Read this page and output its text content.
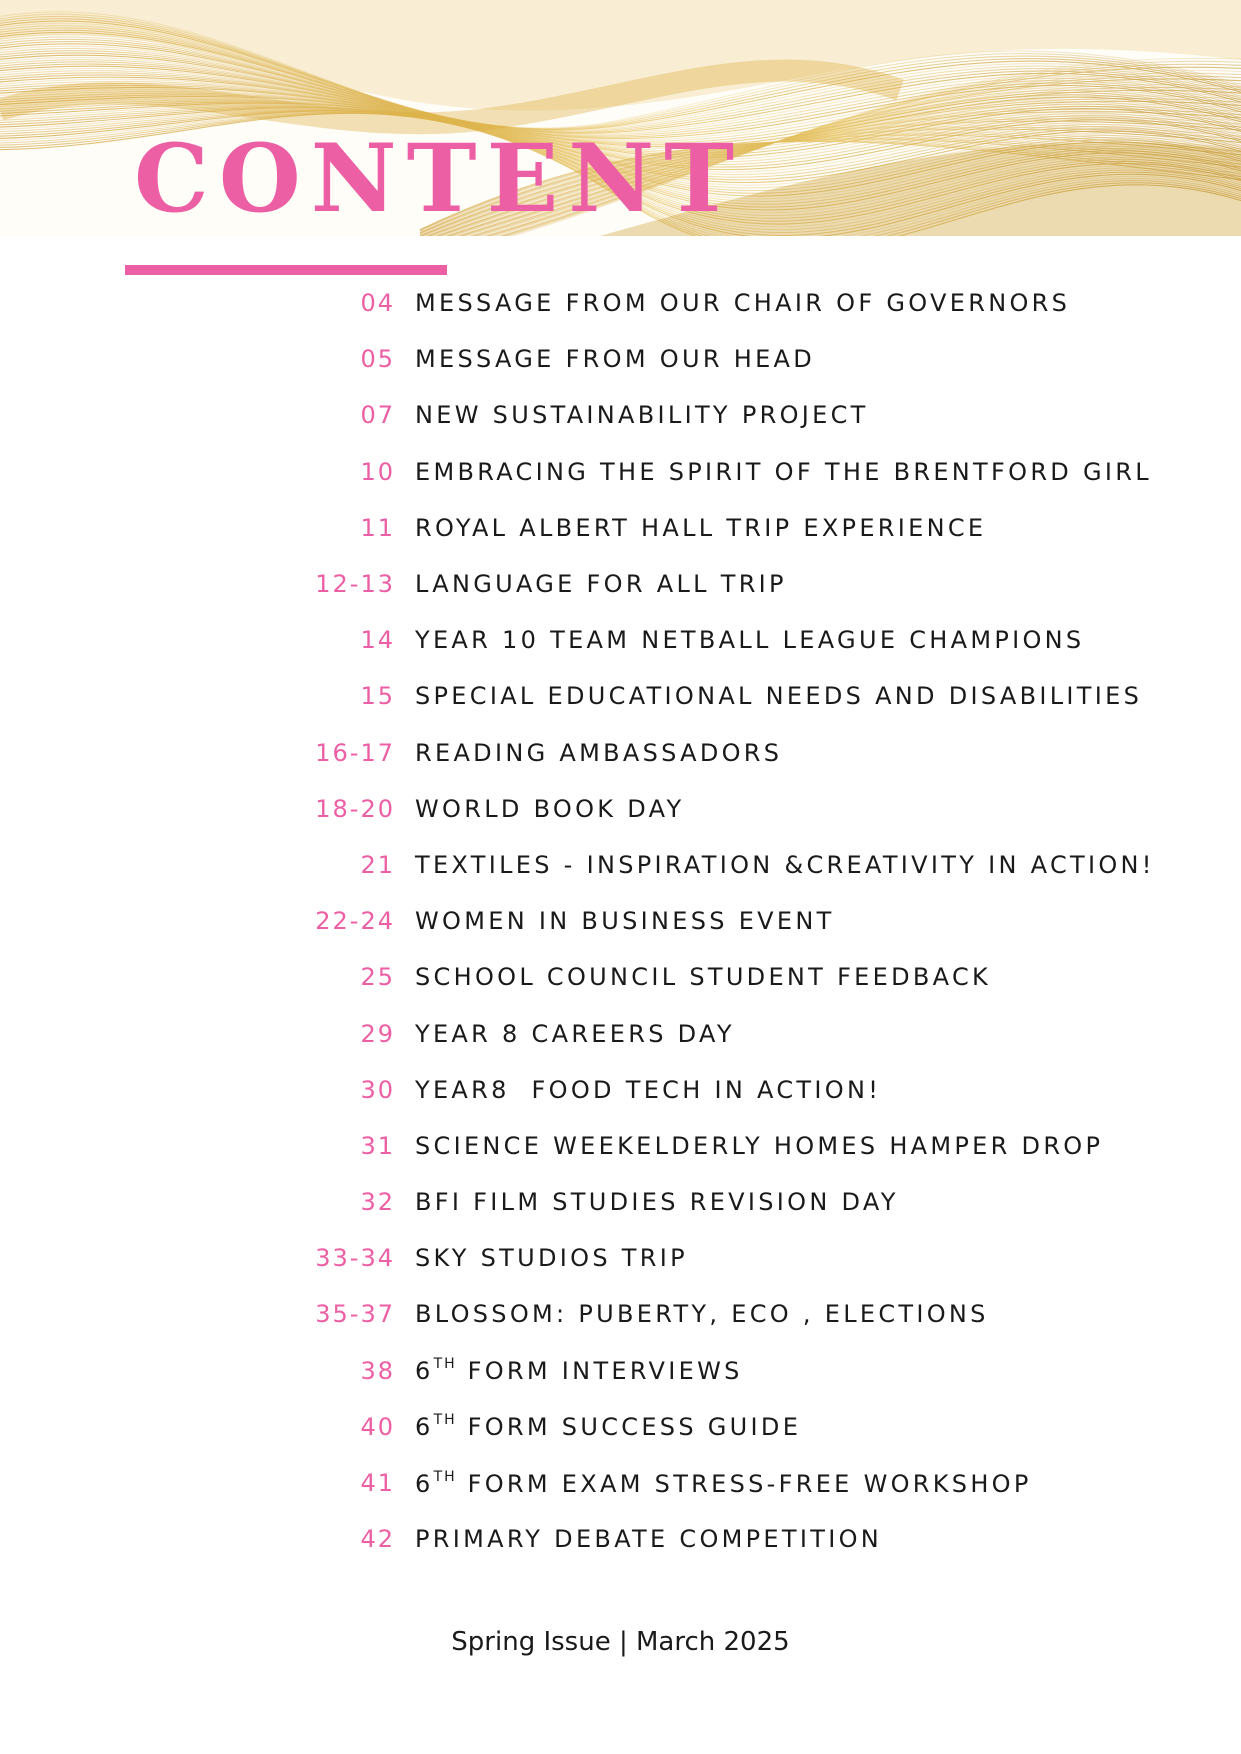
CONTENT
04 MESSAGE FROM OUR CHAIR OF GOVERNORS
05 MESSAGE FROM OUR HEAD
07 NEW SUSTAINABILITY PROJECT
10 EMBRACING THE SPIRIT OF THE BRENTFORD GIRL
11 ROYAL ALBERT HALL TRIP EXPERIENCE
12-13 LANGUAGE FOR ALL TRIP
14 YEAR 10 TEAM NETBALL LEAGUE CHAMPIONS
15 SPECIAL EDUCATIONAL NEEDS AND DISABILITIES
16-17 READING AMBASSADORS
18-20 WORLD BOOK DAY
21 TEXTILES - INSPIRATION &CREATIVITY IN ACTION!
22-24 WOMEN IN BUSINESS EVENT
25 SCHOOL COUNCIL STUDENT FEEDBACK
29 YEAR 8 CAREERS DAY
30 YEAR8  FOOD TECH IN ACTION!
31 SCIENCE WEEKELDERLY HOMES HAMPER DROP
32 BFI FILM STUDIES REVISION DAY
33-34 SKY STUDIOS TRIP
35-37 BLOSSOM: PUBERTY, ECO , ELECTIONS
38 6TH FORM INTERVIEWS
40 6TH FORM SUCCESS GUIDE
41 6TH FORM EXAM STRESS-FREE WORKSHOP
42 PRIMARY DEBATE COMPETITION
Spring Issue | March 2025
